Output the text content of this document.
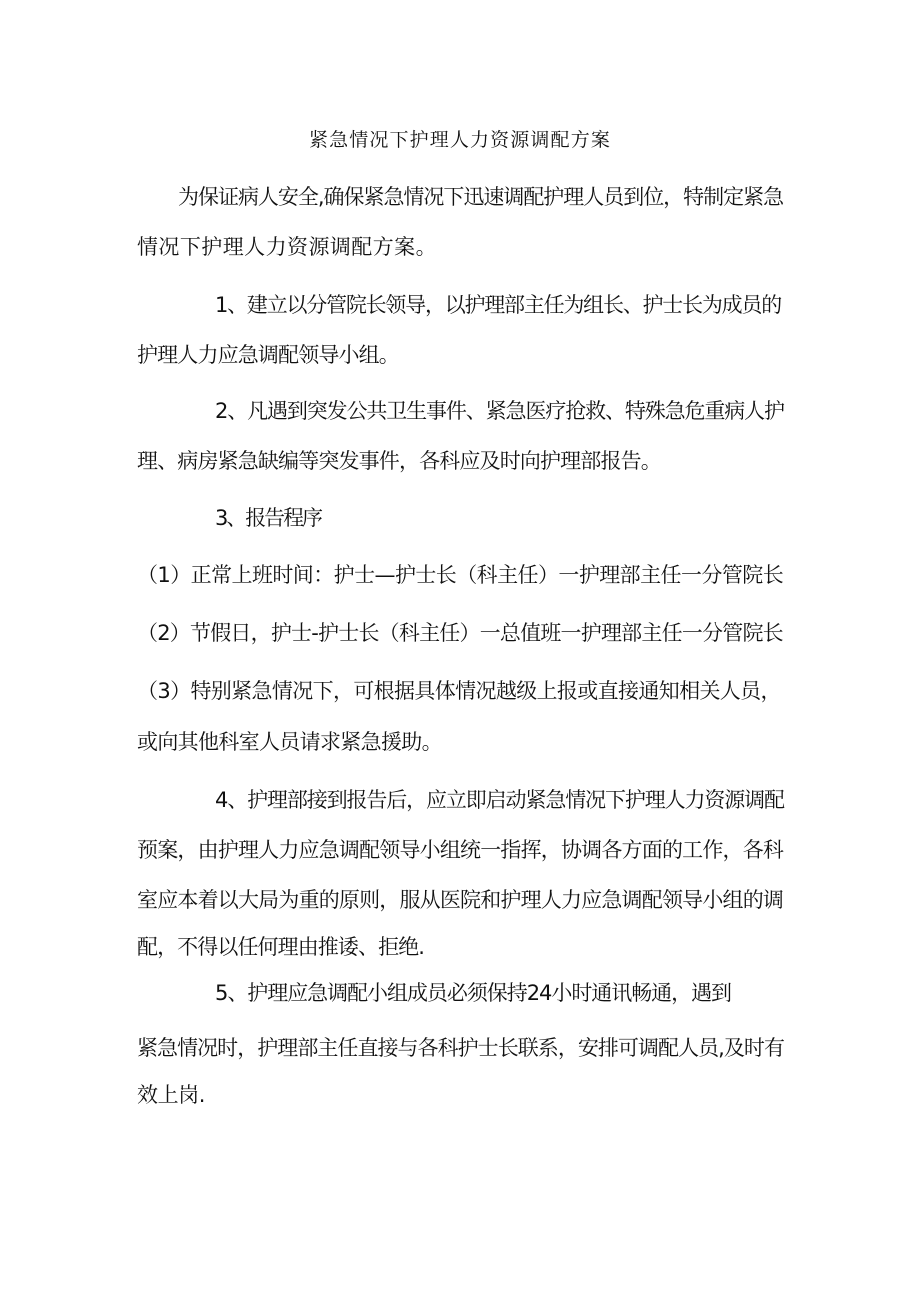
紧急情况下护理人力资源调配方案
为保证病人安全,确保紧急情况下迅速调配护理人员到位，特制定紧急
情况下护理人力资源调配方案。
1、建立以分管院长领导，以护理部主任为组长、护士长为成员的
护理人力应急调配领导小组。
2、凡遇到突发公共卫生事件、紧急医疗抢救、特殊急危重病人护
理、病房紧急缺编等突发事件，各科应及时向护理部报告。
3、报告程序
（1）正常上班时间：护士—护士长（科主任）一护理部主任一分管院长
（2）节假日，护士-护士长（科主任）一总值班一护理部主任一分管院长
（3）特别紧急情况下，可根据具体情况越级上报或直接通知相关人员，
或向其他科室人员请求紧急援助。
4、护理部接到报告后，应立即启动紧急情况下护理人力资源调配
预案，由护理人力应急调配领导小组统一指挥，协调各方面的工作，各科
室应本着以大局为重的原则，服从医院和护理人力应急调配领导小组的调
配，不得以任何理由推诿、拒绝.
5、护理应急调配小组成员必须保持24小时通讯畅通，遇到
紧急情况时，护理部主任直接与各科护士长联系，安排可调配人员,及时有
效上岗.
